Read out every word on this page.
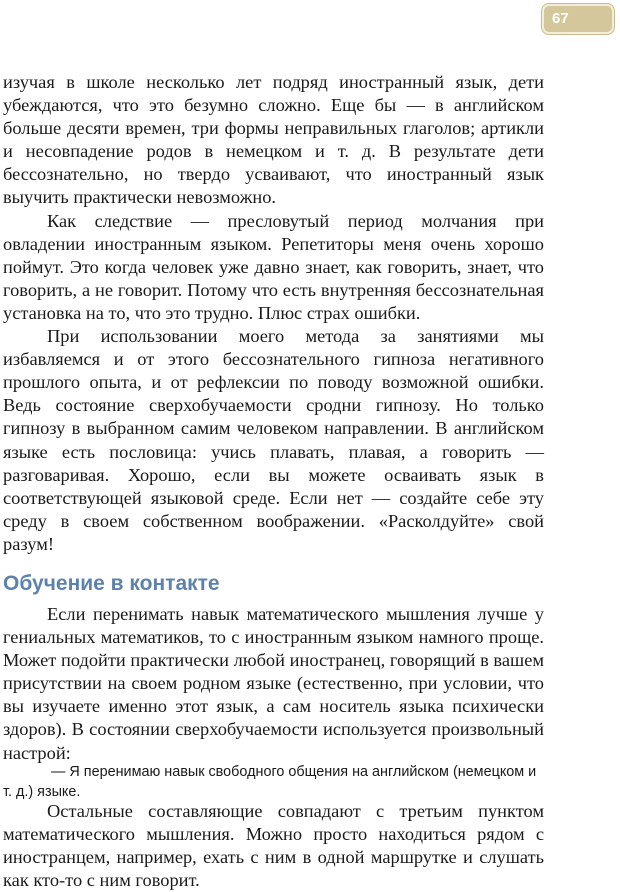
67

изучая в школе несколько лет подряд иностранный язык, дети убеждаются, что это безумно сложно. Еще бы — в английском больше десяти времен, три формы неправильных глаголов; артикли и несовпадение родов в немецком и т. д. В результате дети бессознательно, но твердо усваивают, что иностранный язык выучить практически невозможно.

Как следствие — пресловутый период молчания при овладении иностранным языком. Репетиторы меня очень хорошо поймут. Это когда человек уже давно знает, как говорить, знает, что говорить, а не говорит. Потому что есть внутренняя бессознательная установка на то, что это трудно. Плюс страх ошибки.

При использовании моего метода за занятиями мы избавляемся и от этого бессознательного гипноза негативного прошлого опыта, и от рефлексии по поводу возможной ошибки. Ведь состояние сверхобучаемости сродни гипнозу. Но только гипнозу в выбранном самим человеком направлении. В английском языке есть пословица: учись плавать, плавая, а говорить — разговаривая. Хорошо, если вы можете осваивать язык в соответствующей языковой среде. Если нет — создайте себе эту среду в своем собственном воображении. «Расколдуйте» свой разум!

Обучение в контакте

Если перенимать навык математического мышления лучше у гениальных математиков, то с иностранным языком намного проще. Может подойти практически любой иностранец, говорящий в вашем присутствии на своем родном языке (естественно, при условии, что вы изучаете именно этот язык, а сам носитель языка психически здоров). В состоянии сверхобучаемости используется произвольный настрой:

— Я перенимаю навык свободного общения на английском (немецком и т. д.) языке.

Остальные составляющие совпадают с третьим пунктом математического мышления. Можно просто находиться рядом с иностранцем, например, ехать с ним в одной маршрутке и слушать как кто-то с ним говорит.
